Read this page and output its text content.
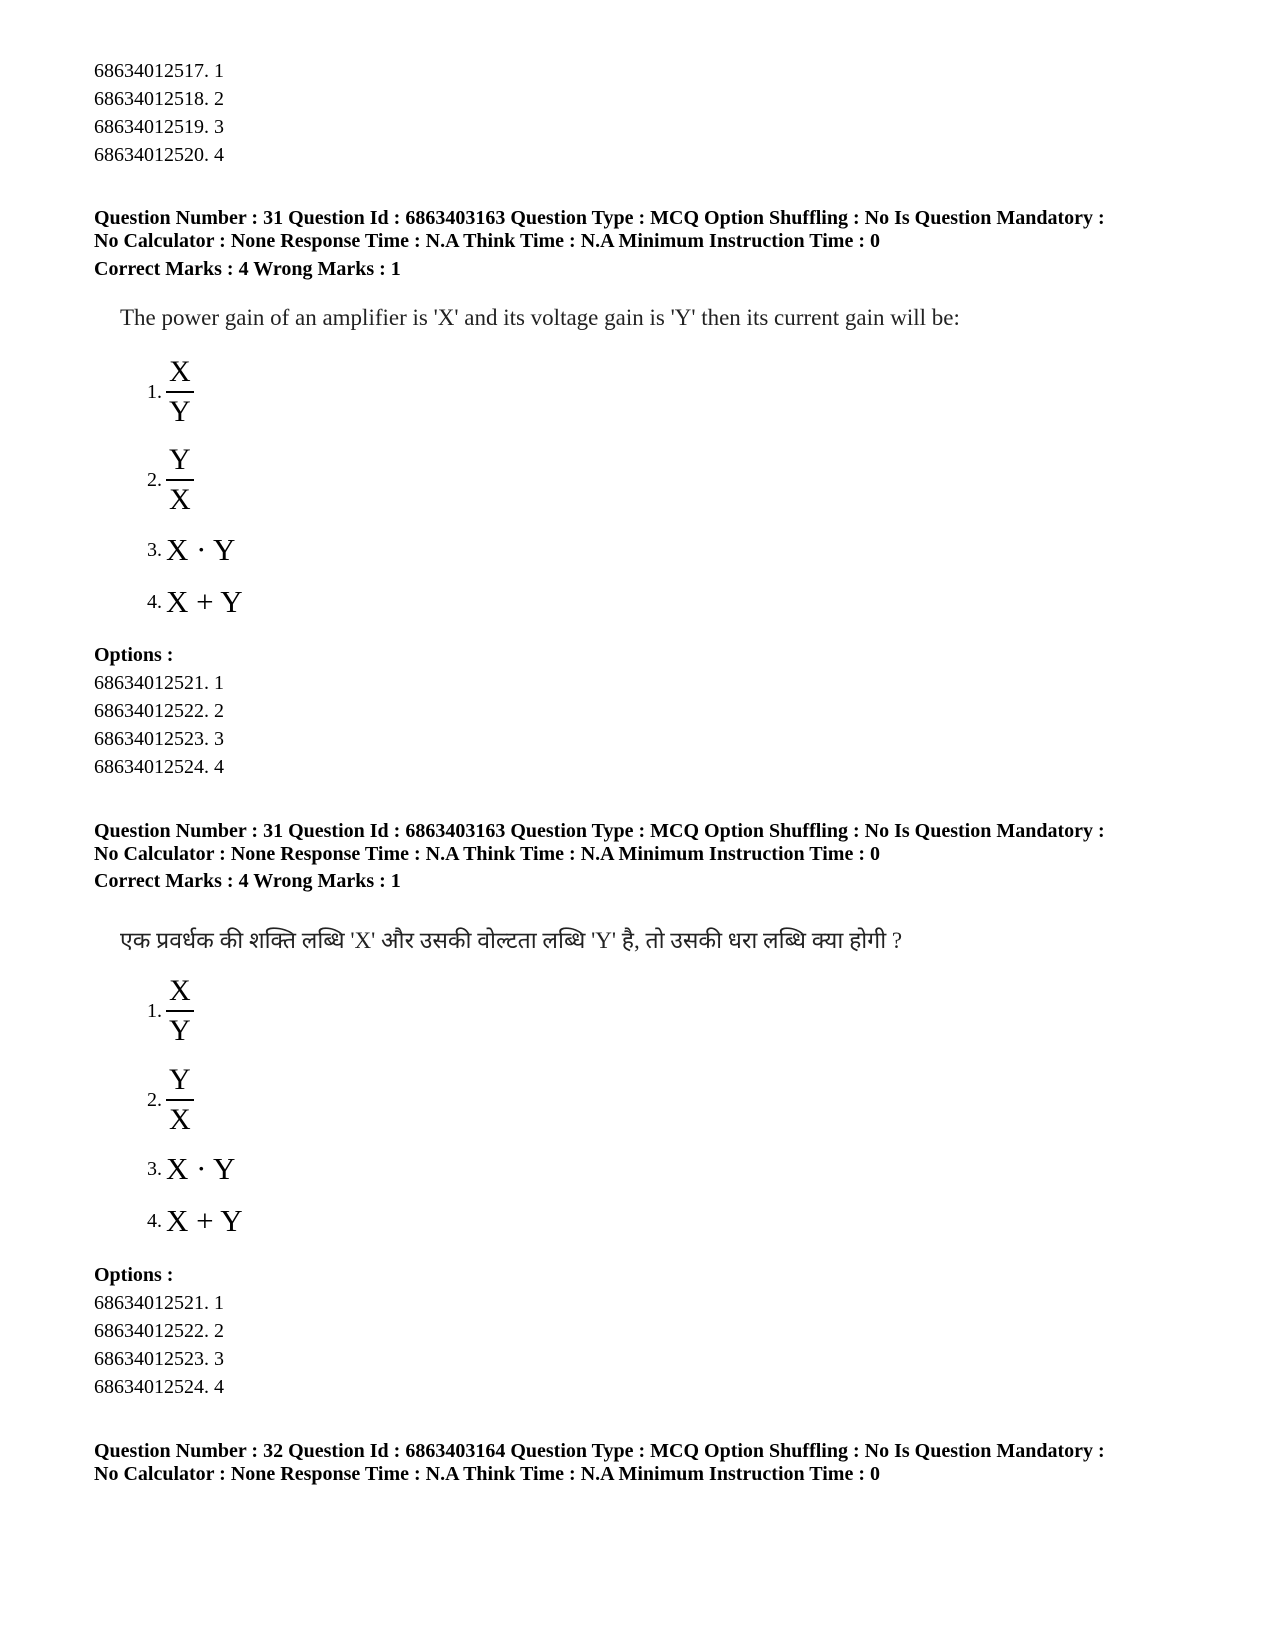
68634012517. 1
68634012518. 2
68634012519. 3
68634012520. 4
Question Number : 31 Question Id : 6863403163 Question Type : MCQ Option Shuffling : No Is Question Mandatory :
No Calculator : None Response Time : N.A Think Time : N.A Minimum Instruction Time : 0
Correct Marks : 4 Wrong Marks : 1
The power gain of an amplifier is 'X' and its voltage gain is 'Y' then its current gain will be:
1. $\frac{X}{Y}$
2. $\frac{Y}{X}$
3. X · Y
4. X + Y
Options :
68634012521. 1
68634012522. 2
68634012523. 3
68634012524. 4
Question Number : 31 Question Id : 6863403163 Question Type : MCQ Option Shuffling : No Is Question Mandatory :
No Calculator : None Response Time : N.A Think Time : N.A Minimum Instruction Time : 0
Correct Marks : 4 Wrong Marks : 1
एक प्रवर्धक की शक्ति लब्धि 'X' और उसकी वोल्टता लब्धि 'Y' है, तो उसकी धरा लब्धि क्या होगी ?
1. $\frac{X}{Y}$
2. $\frac{Y}{X}$
3. X · Y
4. X + Y
Options :
68634012521. 1
68634012522. 2
68634012523. 3
68634012524. 4
Question Number : 32 Question Id : 6863403164 Question Type : MCQ Option Shuffling : No Is Question Mandatory :
No Calculator : None Response Time : N.A Think Time : N.A Minimum Instruction Time : 0
